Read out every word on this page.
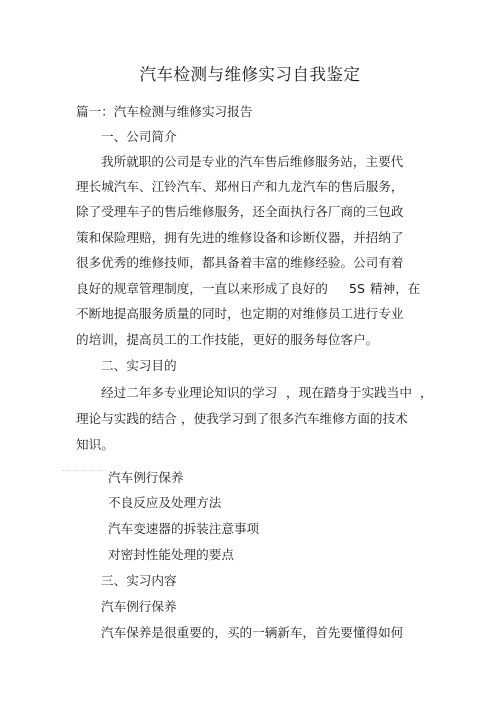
汽车检测与维修实习自我鉴定
篇一：汽车检测与维修实习报告
一、公司简介
我所就职的公司是专业的汽车售后维修服务站，主要代
理长城汽车、江铃汽车、郑州日产和九龙汽车的售后服务，
除了受理车子的售后维修服务，还全面执行各厂商的三包政
策和保险理赔，拥有先进的维修设备和诊断仪器，并招纳了
很多优秀的维修技师，都具备着丰富的维修经验。公司有着
良好的规章管理制度，一直以来形成了良好的 5S 精神，在
不断地提高服务质量的同时，也定期的对维修员工进行专业
的培训，提高员工的工作技能，更好的服务每位客户。
二、实习目的
经过二年多专业理论知识的学习 ，现在踏身于实践当中 ，
理论与实践的结合 ，使我学习到了很多汽车维修方面的技术
知识。
汽车例行保养
不良反应及处理方法
汽车变速器的拆装注意事项
对密封性能处理的要点
三、实习内容
汽车例行保养
汽车保养是很重要的，买的一辆新车，首先要懂得如何
